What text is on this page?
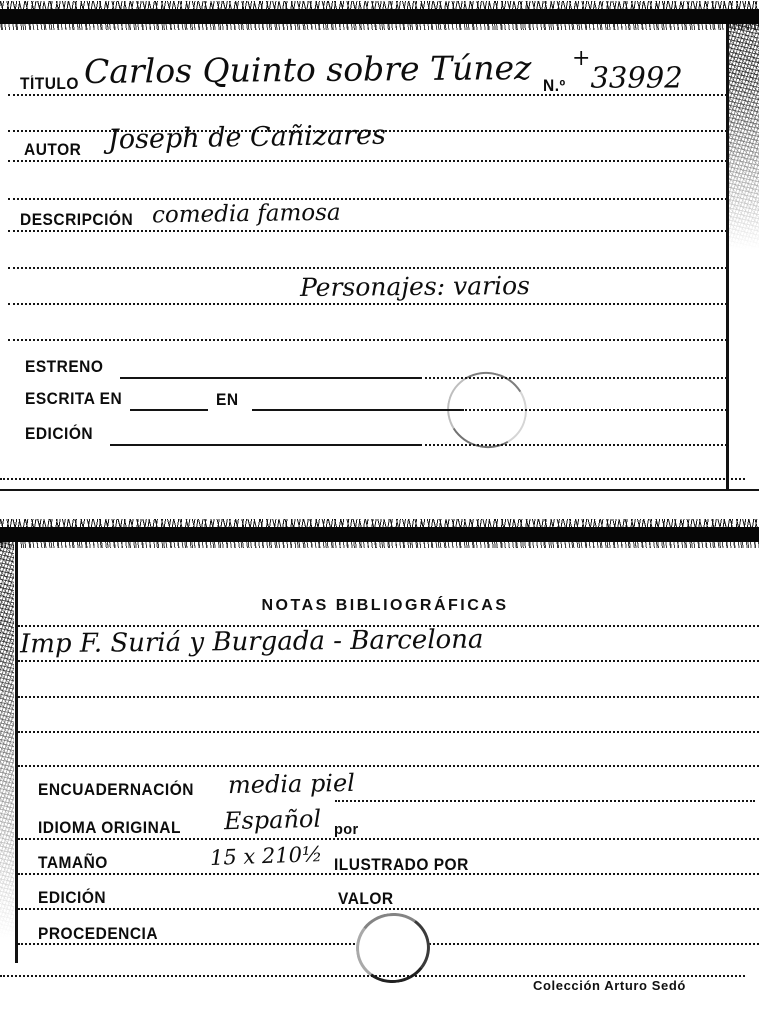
TÍTULO Carlos Quinto sobre Túnez N.º
+33992
AUTOR Joseph de Cañizares
DESCRIPCIÓN comedia famosa
Personajes: varios
ESTRENO
ESCRITA EN	EN
EDICIÓN
NOTAS BIBLIOGRÁFICAS
Imp F. Suriá y Burgada - Barcelona
ENCUADERNACIÓN media piel
IDIOMA ORIGINAL Español por
TAMAÑO	15 x 210½ ILUSTRADO POR
EDICIÓN	VALOR
PROCEDENCIA
Colección Arturo Sedó
